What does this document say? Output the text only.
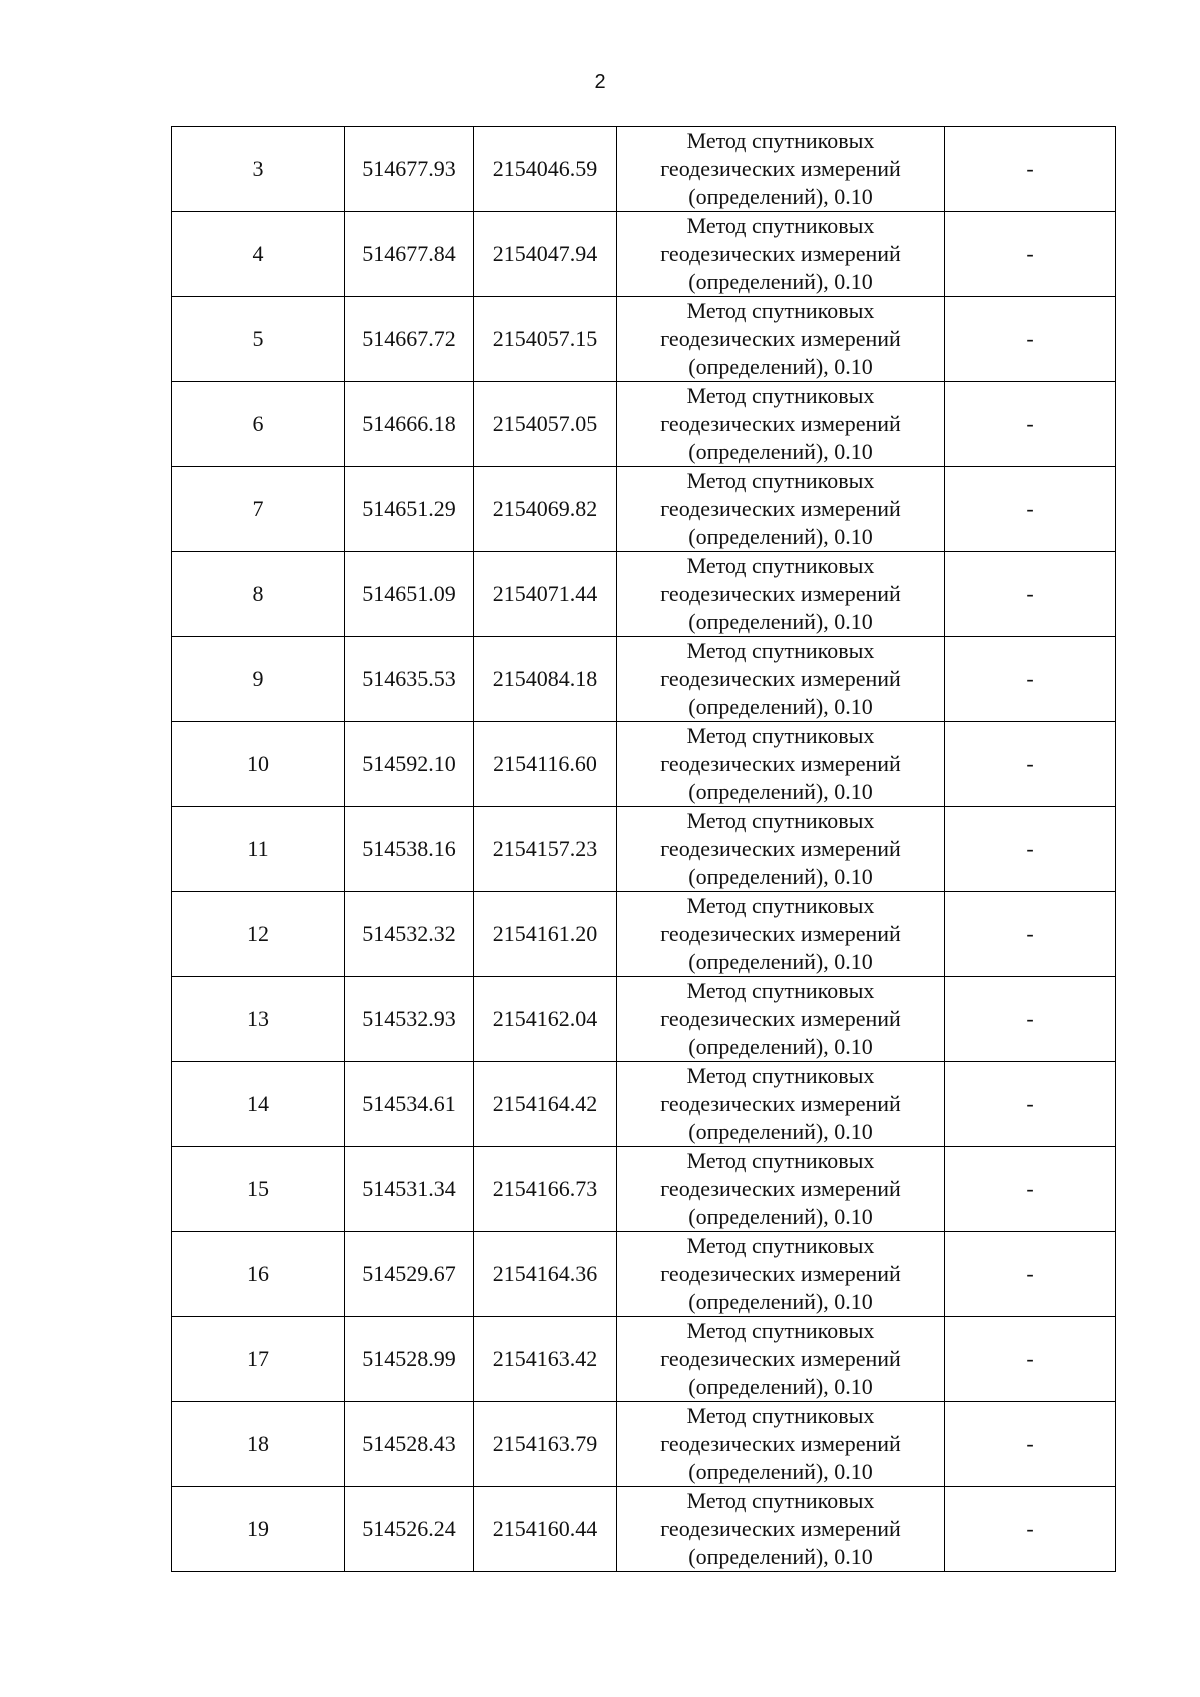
2
3	514677.93	2154046.59	Метод спутниковых
геодезических измерений
(определений), 0.10	-
4	514677.84	2154047.94	Метод спутниковых
геодезических измерений
(определений), 0.10	-
5	514667.72	2154057.15	Метод спутниковых
геодезических измерений
(определений), 0.10	-
6	514666.18	2154057.05	Метод спутниковых
геодезических измерений
(определений), 0.10	-
7	514651.29	2154069.82	Метод спутниковых
геодезических измерений
(определений), 0.10	-
8	514651.09	2154071.44	Метод спутниковых
геодезических измерений
(определений), 0.10	-
9	514635.53	2154084.18	Метод спутниковых
геодезических измерений
(определений), 0.10	-
10	514592.10	2154116.60	Метод спутниковых
геодезических измерений
(определений), 0.10	-
11	514538.16	2154157.23	Метод спутниковых
геодезических измерений
(определений), 0.10	-
12	514532.32	2154161.20	Метод спутниковых
геодезических измерений
(определений), 0.10	-
13	514532.93	2154162.04	Метод спутниковых
геодезических измерений
(определений), 0.10	-
14	514534.61	2154164.42	Метод спутниковых
геодезических измерений
(определений), 0.10	-
15	514531.34	2154166.73	Метод спутниковых
геодезических измерений
(определений), 0.10	-
16	514529.67	2154164.36	Метод спутниковых
геодезических измерений
(определений), 0.10	-
17	514528.99	2154163.42	Метод спутниковых
геодезических измерений
(определений), 0.10	-
18	514528.43	2154163.79	Метод спутниковых
геодезических измерений
(определений), 0.10	-
19	514526.24	2154160.44	Метод спутниковых
геодезических измерений
(определений), 0.10	-
